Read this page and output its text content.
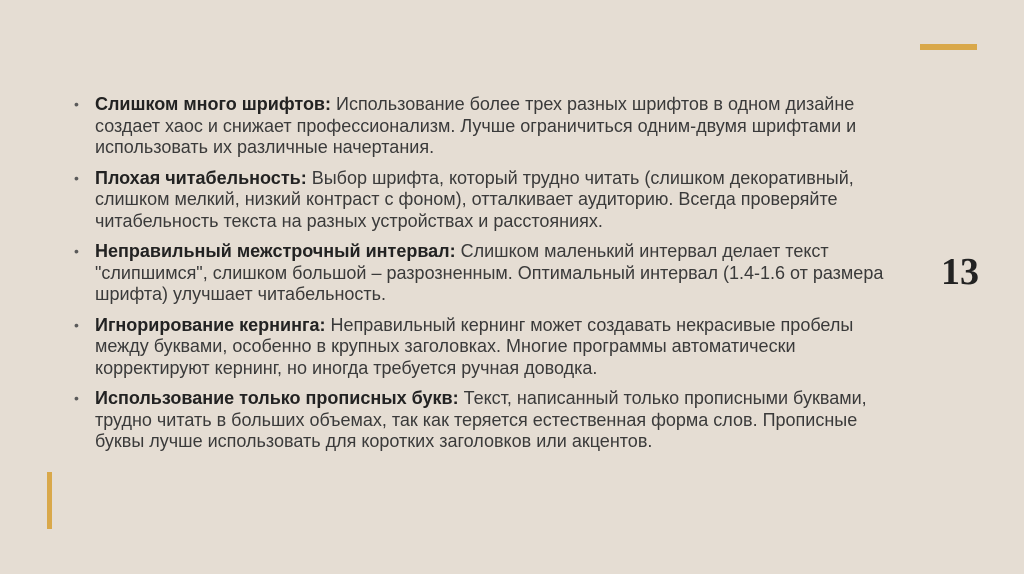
13
• Слишком много шрифтов: Использование более трех разных шрифтов в одном дизайне создает хаос и снижает профессионализм. Лучше ограничиться одним-двумя шрифтами и использовать их различные начертания.
• Плохая читабельность: Выбор шрифта, который трудно читать (слишком декоративный, слишком мелкий, низкий контраст с фоном), отталкивает аудиторию. Всегда проверяйте читабельность текста на разных устройствах и расстояниях.
• Неправильный межстрочный интервал: Слишком маленький интервал делает текст "слипшимся", слишком большой – разрозненным. Оптимальный интервал (1.4-1.6 от размера шрифта) улучшает читабельность.
• Игнорирование кернинга: Неправильный кернинг может создавать некрасивые пробелы между буквами, особенно в крупных заголовках. Многие программы автоматически корректируют кернинг, но иногда требуется ручная доводка.
• Использование только прописных букв: Текст, написанный только прописными буквами, трудно читать в больших объемах, так как теряется естественная форма слов. Прописные буквы лучше использовать для коротких заголовков или акцентов.
